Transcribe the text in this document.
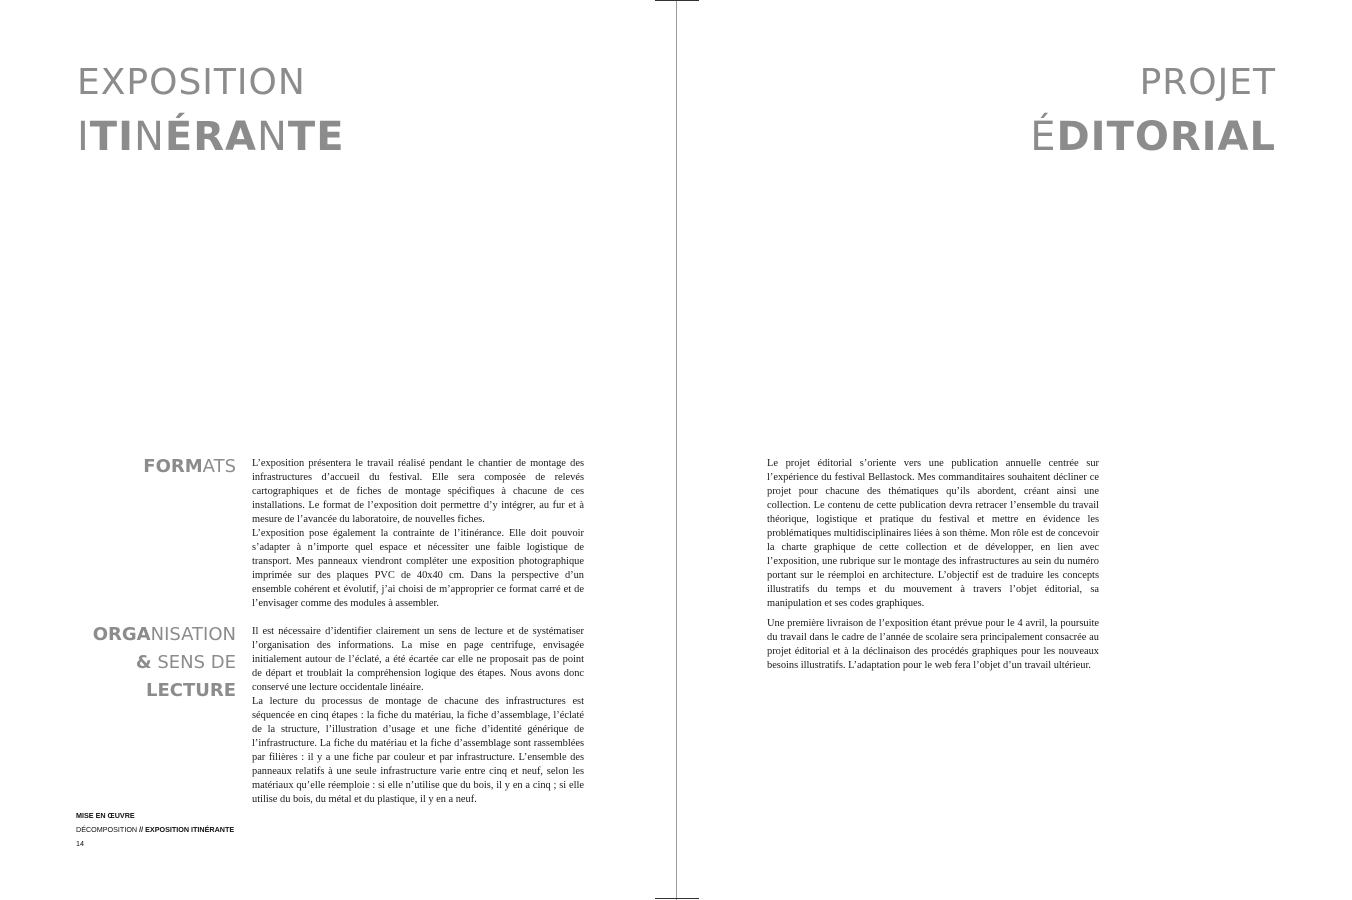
EXPOSITION
ITINÉRANTE
FORMATS L’exposition présentera le travail réalisé pendant le chantier de montage des infrastructures d’accueil du festival. Elle sera composée de relevés cartographiques et de fiches de montage spécifiques à chacune de ces installations. Le format de l’exposition doit permettre d’y intégrer, au fur et à mesure de l’avancée du laboratoire, de nouvelles fiches.

L’exposition pose également la contrainte de l’itinérance. Elle doit pouvoir s’adapter à n’importe quel espace et nécessiter une faible logistique de transport. Mes panneaux viendront compléter une exposition photographique imprimée sur des plaques PVC de 40x40 cm. Dans la perspective d’un ensemble cohérent et évolutif, j’ai choisi de m’approprier ce format carré et de l’envisager comme des modules à assembler.

ORGANISATION
& SENS DE
LECTURE

Il est nécessaire d’identifier clairement un sens de lecture et de systématiser l’organisation des informations. La mise en page centrifuge, envisagée initialement autour de l’éclaté, a été écartée car elle ne proposait pas de point de départ et troublait la compréhension logique des étapes. Nous avons donc conservé une lecture occidentale linéaire.

La lecture du processus de montage de chacune des infrastructures est séquencée en cinq étapes : la fiche du matériau, la fiche d’assemblage, l’éclaté de la structure, l’illustration d’usage et une fiche d’identité générique de l’infrastructure. La fiche du matériau et la fiche d’assemblage sont rassemblées par filières : il y a une fiche par couleur et par infrastructure. L’ensemble des panneaux relatifs à une seule infrastructure varie entre cinq et neuf, selon les matériaux qu’elle réemploie : si elle n’utilise que du bois, il y en a cinq ; si elle utilise du bois, du métal et du plastique, il y en a neuf.

MISE EN ŒUVRE
DÉCOMPOSITION // EXPOSITION ITINÉRANTE
14
PROJET
ÉDITORIAL

Le projet éditorial s’oriente vers une publication annuelle centrée sur l’expérience du festival Bellastock. Mes commanditaires souhaitent décliner ce projet pour chacune des thématiques qu’ils abordent, créant ainsi une collection. Le contenu de cette publication devra retracer l’ensemble du travail théorique, logistique et pratique du festival et mettre en évidence les problématiques multidisciplinaires liées à son thème. Mon rôle est de concevoir la charte graphique de cette collection et de développer, en lien avec l’exposition, une rubrique sur le montage des infrastructures au sein du numéro portant sur le réemploi en architecture. L’objectif est de traduire les concepts illustratifs du temps et du mouvement à travers l’objet éditorial, sa manipulation et ses codes graphiques.

Une première livraison de l’exposition étant prévue pour le 4 avril, la poursuite du travail dans le cadre de l’année de scolaire sera principalement consacrée au projet éditorial et à la déclinaison des procédés graphiques pour les nouveaux besoins illustratifs. L’adaptation pour le web fera l’objet d’un travail ultérieur.
